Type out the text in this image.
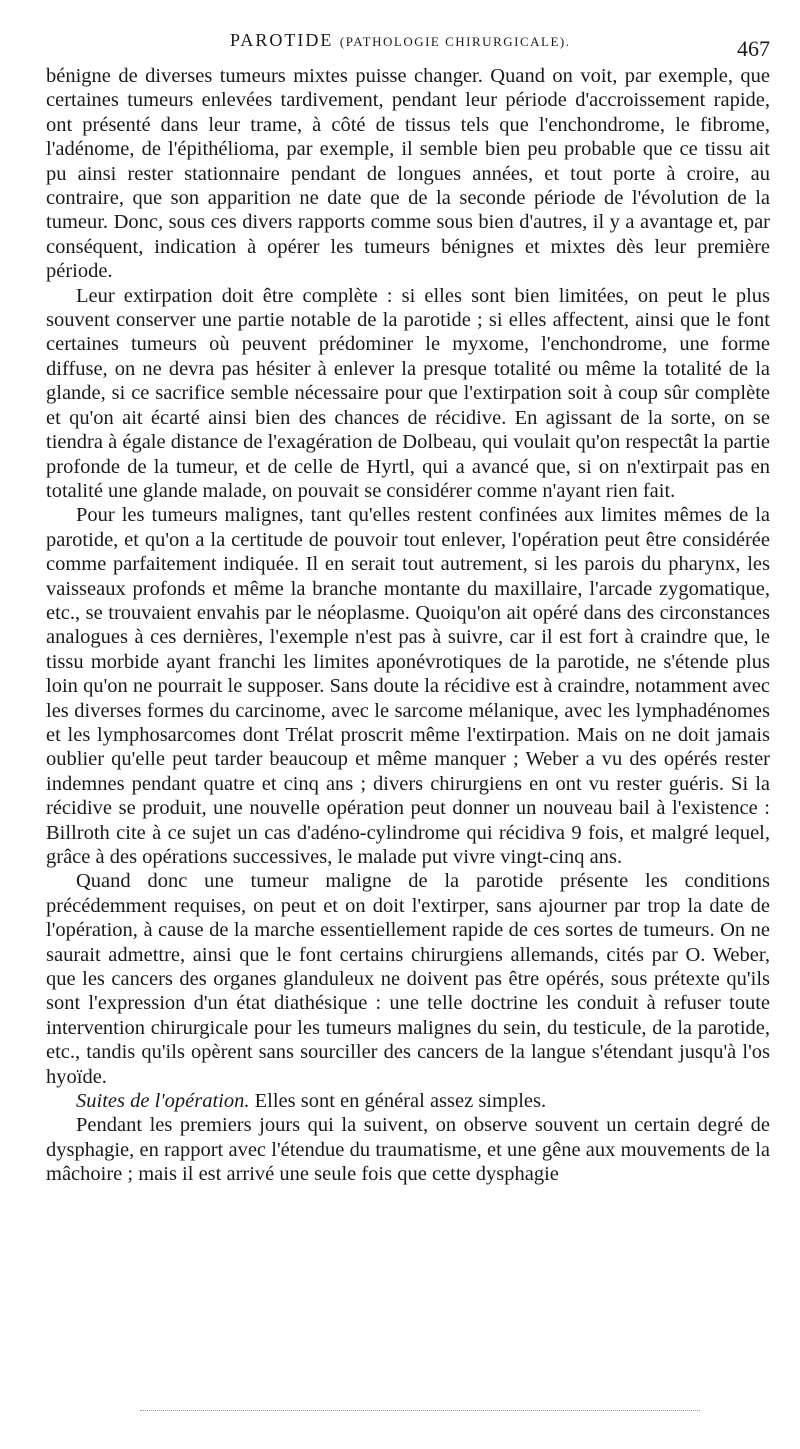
PAROTIDE (PATHOLOGIE CHIRURGICALE).	467

bénigne de diverses tumeurs mixtes puisse changer. Quand on voit, par exemple, que certaines tumeurs enlevées tardivement, pendant leur période d'accroissement rapide, ont présenté dans leur trame, à côté de tissus tels que l'enchondrome, le fibrome, l'adénome, de l'épithélioma, par exemple, il semble bien peu probable que ce tissu ait pu ainsi rester stationnaire pendant de longues années, et tout porte à croire, au contraire, que son apparition ne date que de la seconde période de l'évolution de la tumeur. Donc, sous ces divers rapports comme sous bien d'autres, il y a avantage et, par conséquent, indication à opérer les tumeurs bénignes et mixtes dès leur première période.

Leur extirpation doit être complète : si elles sont bien limitées, on peut le plus souvent conserver une partie notable de la parotide ; si elles affectent, ainsi que le font certaines tumeurs où peuvent prédominer le myxome, l'enchondrome, une forme diffuse, on ne devra pas hésiter à enlever la presque totalité ou même la totalité de la glande, si ce sacrifice semble nécessaire pour que l'extirpation soit à coup sûr complète et qu'on ait écarté ainsi bien des chances de récidive. En agissant de la sorte, on se tiendra à égale distance de l'exagération de Dolbeau, qui voulait qu'on respectât la partie profonde de la tumeur, et de celle de Hyrtl, qui a avancé que, si on n'extirpait pas en totalité une glande malade, on pouvait se considérer comme n'ayant rien fait.

Pour les tumeurs malignes, tant qu'elles restent confinées aux limites mêmes de la parotide, et qu'on a la certitude de pouvoir tout enlever, l'opération peut être considérée comme parfaitement indiquée. Il en serait tout autrement, si les parois du pharynx, les vaisseaux profonds et même la branche montante du maxillaire, l'arcade zygomatique, etc., se trouvaient envahis par le néoplasme. Quoiqu'on ait opéré dans des circonstances analogues à ces dernières, l'exemple n'est pas à suivre, car il est fort à craindre que, le tissu morbide ayant franchi les limites aponévrotiques de la parotide, ne s'étende plus loin qu'on ne pourrait le supposer. Sans doute la récidive est à craindre, notamment avec les diverses formes du carcinome, avec le sarcome mélanique, avec les lymphadénomes et les lymphosarcomes dont Trélat proscrit même l'extirpation. Mais on ne doit jamais oublier qu'elle peut tarder beaucoup et même manquer ; Weber a vu des opérés rester indemnes pendant quatre et cinq ans ; divers chirurgiens en ont vu rester guéris. Si la récidive se produit, une nouvelle opération peut donner un nouveau bail à l'existence : Billroth cite à ce sujet un cas d'adéno-cylindrome qui récidiva 9 fois, et malgré lequel, grâce à des opérations successives, le malade put vivre vingt-cinq ans.

Quand donc une tumeur maligne de la parotide présente les conditions précédemment requises, on peut et on doit l'extirper, sans ajourner par trop la date de l'opération, à cause de la marche essentiellement rapide de ces sortes de tumeurs. On ne saurait admettre, ainsi que le font certains chirurgiens allemands, cités par O. Weber, que les cancers des organes glanduleux ne doivent pas être opérés, sous prétexte qu'ils sont l'expression d'un état diathésique : une telle doctrine les conduit à refuser toute intervention chirurgicale pour les tumeurs malignes du sein, du testicule, de la parotide, etc., tandis qu'ils opèrent sans sourciller des cancers de la langue s'étendant jusqu'à l'os hyoïde.

Suites de l'opération. Elles sont en général assez simples.

Pendant les premiers jours qui la suivent, on observe souvent un certain degré de dysphagie, en rapport avec l'étendue du traumatisme, et une gêne aux mouvements de la mâchoire ; mais il est arrivé une seule fois que cette dysphagie
